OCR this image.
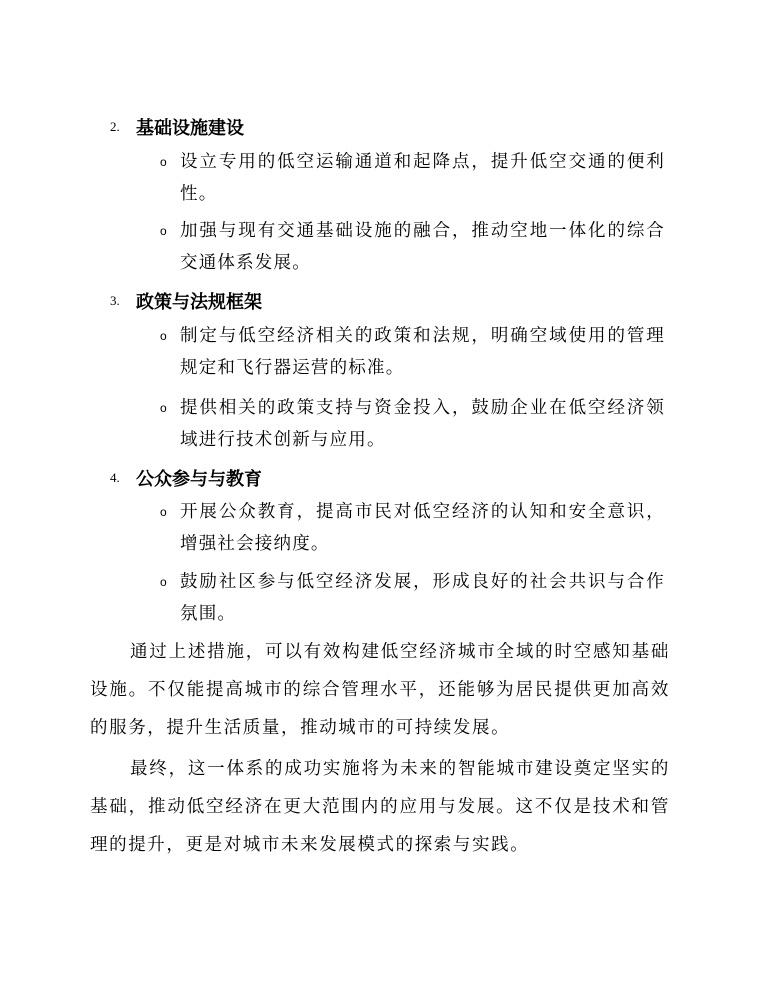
2. 基础设施建设
o 设立专用的低空运输通道和起降点，提升低空交通的便利性。
o 加强与现有交通基础设施的融合，推动空地一体化的综合交通体系发展。
3. 政策与法规框架
o 制定与低空经济相关的政策和法规，明确空域使用的管理规定和飞行器运营的标准。
o 提供相关的政策支持与资金投入，鼓励企业在低空经济领域进行技术创新与应用。
4. 公众参与与教育
o 开展公众教育，提高市民对低空经济的认知和安全意识，增强社会接纳度。
o 鼓励社区参与低空经济发展，形成良好的社会共识与合作氛围。

通过上述措施，可以有效构建低空经济城市全域的时空感知基础设施。不仅能提高城市的综合管理水平，还能够为居民提供更加高效的服务，提升生活质量，推动城市的可持续发展。

最终，这一体系的成功实施将为未来的智能城市建设奠定坚实的基础，推动低空经济在更大范围内的应用与发展。这不仅是技术和管理的提升，更是对城市未来发展模式的探索与实践。
